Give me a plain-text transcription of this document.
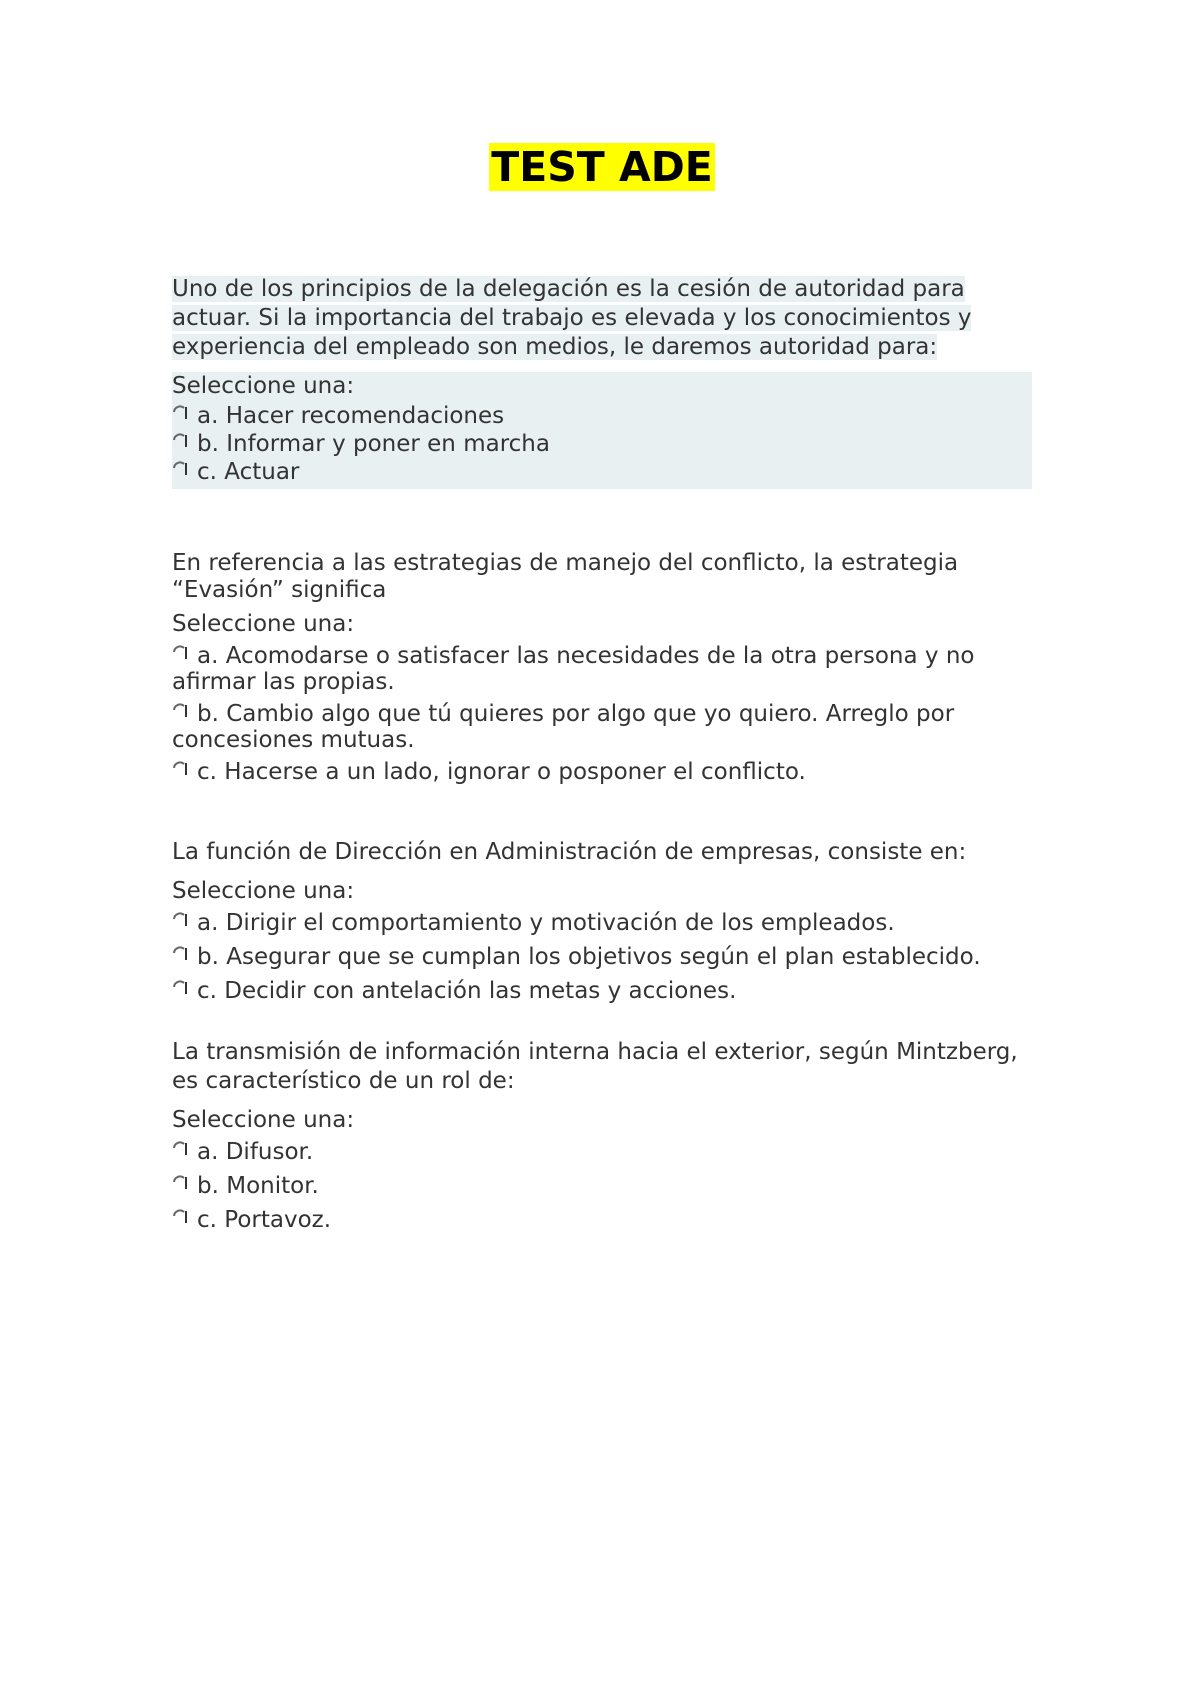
TEST ADE

Uno de los principios de la delegación es la cesión de autoridad para actuar. Si la importancia del trabajo es elevada y los conocimientos y experiencia del empleado son medios, le daremos autoridad para:

Seleccione una:

a. Hacer recomendaciones

b. Informar y poner en marcha

c. Actuar

En referencia a las estrategias de manejo del conflicto, la estrategia “Evasión” significa

Seleccione una:

a. Acomodarse o satisfacer las necesidades de la otra persona y no afirmar las propias.

b. Cambio algo que tú quieres por algo que yo quiero. Arreglo por concesiones mutuas.

c. Hacerse a un lado, ignorar o posponer el conflicto.

La función de Dirección en Administración de empresas, consiste en:

Seleccione una:

a. Dirigir el comportamiento y motivación de los empleados.

b. Asegurar que se cumplan los objetivos según el plan establecido.

c. Decidir con antelación las metas y acciones.

La transmisión de información interna hacia el exterior, según Mintzberg, es característico de un rol de:

Seleccione una:

a. Difusor.

b. Monitor.

c. Portavoz.
